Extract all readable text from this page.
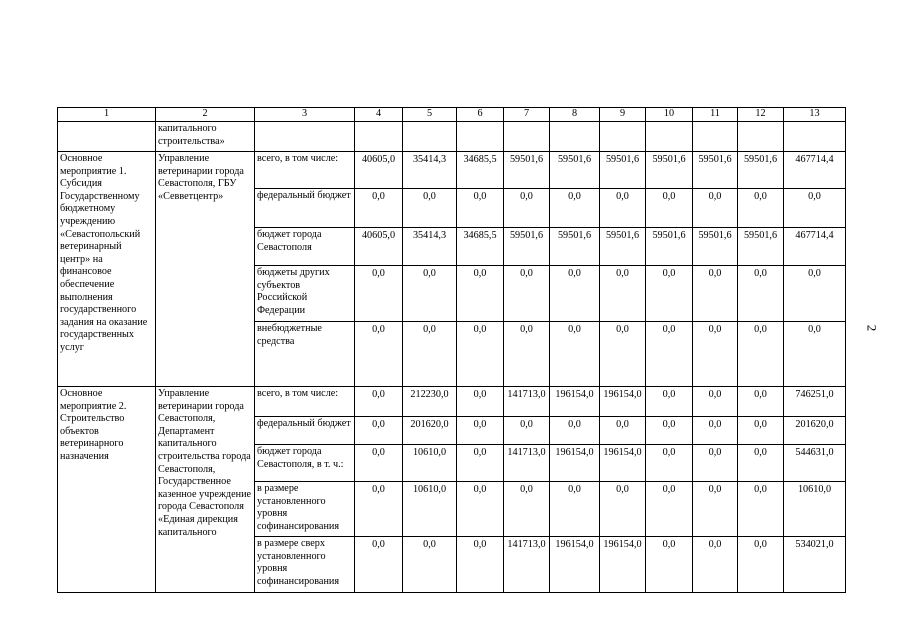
1	2	3	4	5	6	7	8	9	10	11	12	13
	капитального строительства»											
Основное мероприятие 1. Субсидия Государственному бюджетному учреждению «Севастопольский ветеринарный центр» на финансовое обеспечение выполнения государственного задания на оказание государственных услуг	Управление ветеринарии города Севастополя, ГБУ «Севветцентр»	всего, в том числе:	40605,0	35414,3	34685,5	59501,6	59501,6	59501,6	59501,6	59501,6	59501,6	467714,4
		федеральный бюджет	0,0	0,0	0,0	0,0	0,0	0,0	0,0	0,0	0,0	0,0
		бюджет города Севастополя	40605,0	35414,3	34685,5	59501,6	59501,6	59501,6	59501,6	59501,6	59501,6	467714,4
		бюджеты других субъектов Российской Федерации	0,0	0,0	0,0	0,0	0,0	0,0	0,0	0,0	0,0	0,0
		внебюджетные средства	0,0	0,0	0,0	0,0	0,0	0,0	0,0	0,0	0,0	0,0
Основное мероприятие 2. Строительство объектов ветеринарного назначения	Управление ветеринарии города Севастополя, Департамент капитального строительства города Севастополя, Государственное казенное учреждение города Севастополя «Единая дирекция капитального	всего, в том числе:	0,0	212230,0	0,0	141713,0	196154,0	196154,0	0,0	0,0	0,0	746251,0
		федеральный бюджет	0,0	201620,0	0,0	0,0	0,0	0,0	0,0	0,0	0,0	201620,0
		бюджет города Севастополя, в т. ч.:	0,0	10610,0	0,0	141713,0	196154,0	196154,0	0,0	0,0	0,0	544631,0
		в размере установленного уровня софинансирования	0,0	10610,0	0,0	0,0	0,0	0,0	0,0	0,0	0,0	10610,0
		в размере сверх установленного уровня софинансирования	0,0	0,0	0,0	141713,0	196154,0	196154,0	0,0	0,0	0,0	534021,0
2
